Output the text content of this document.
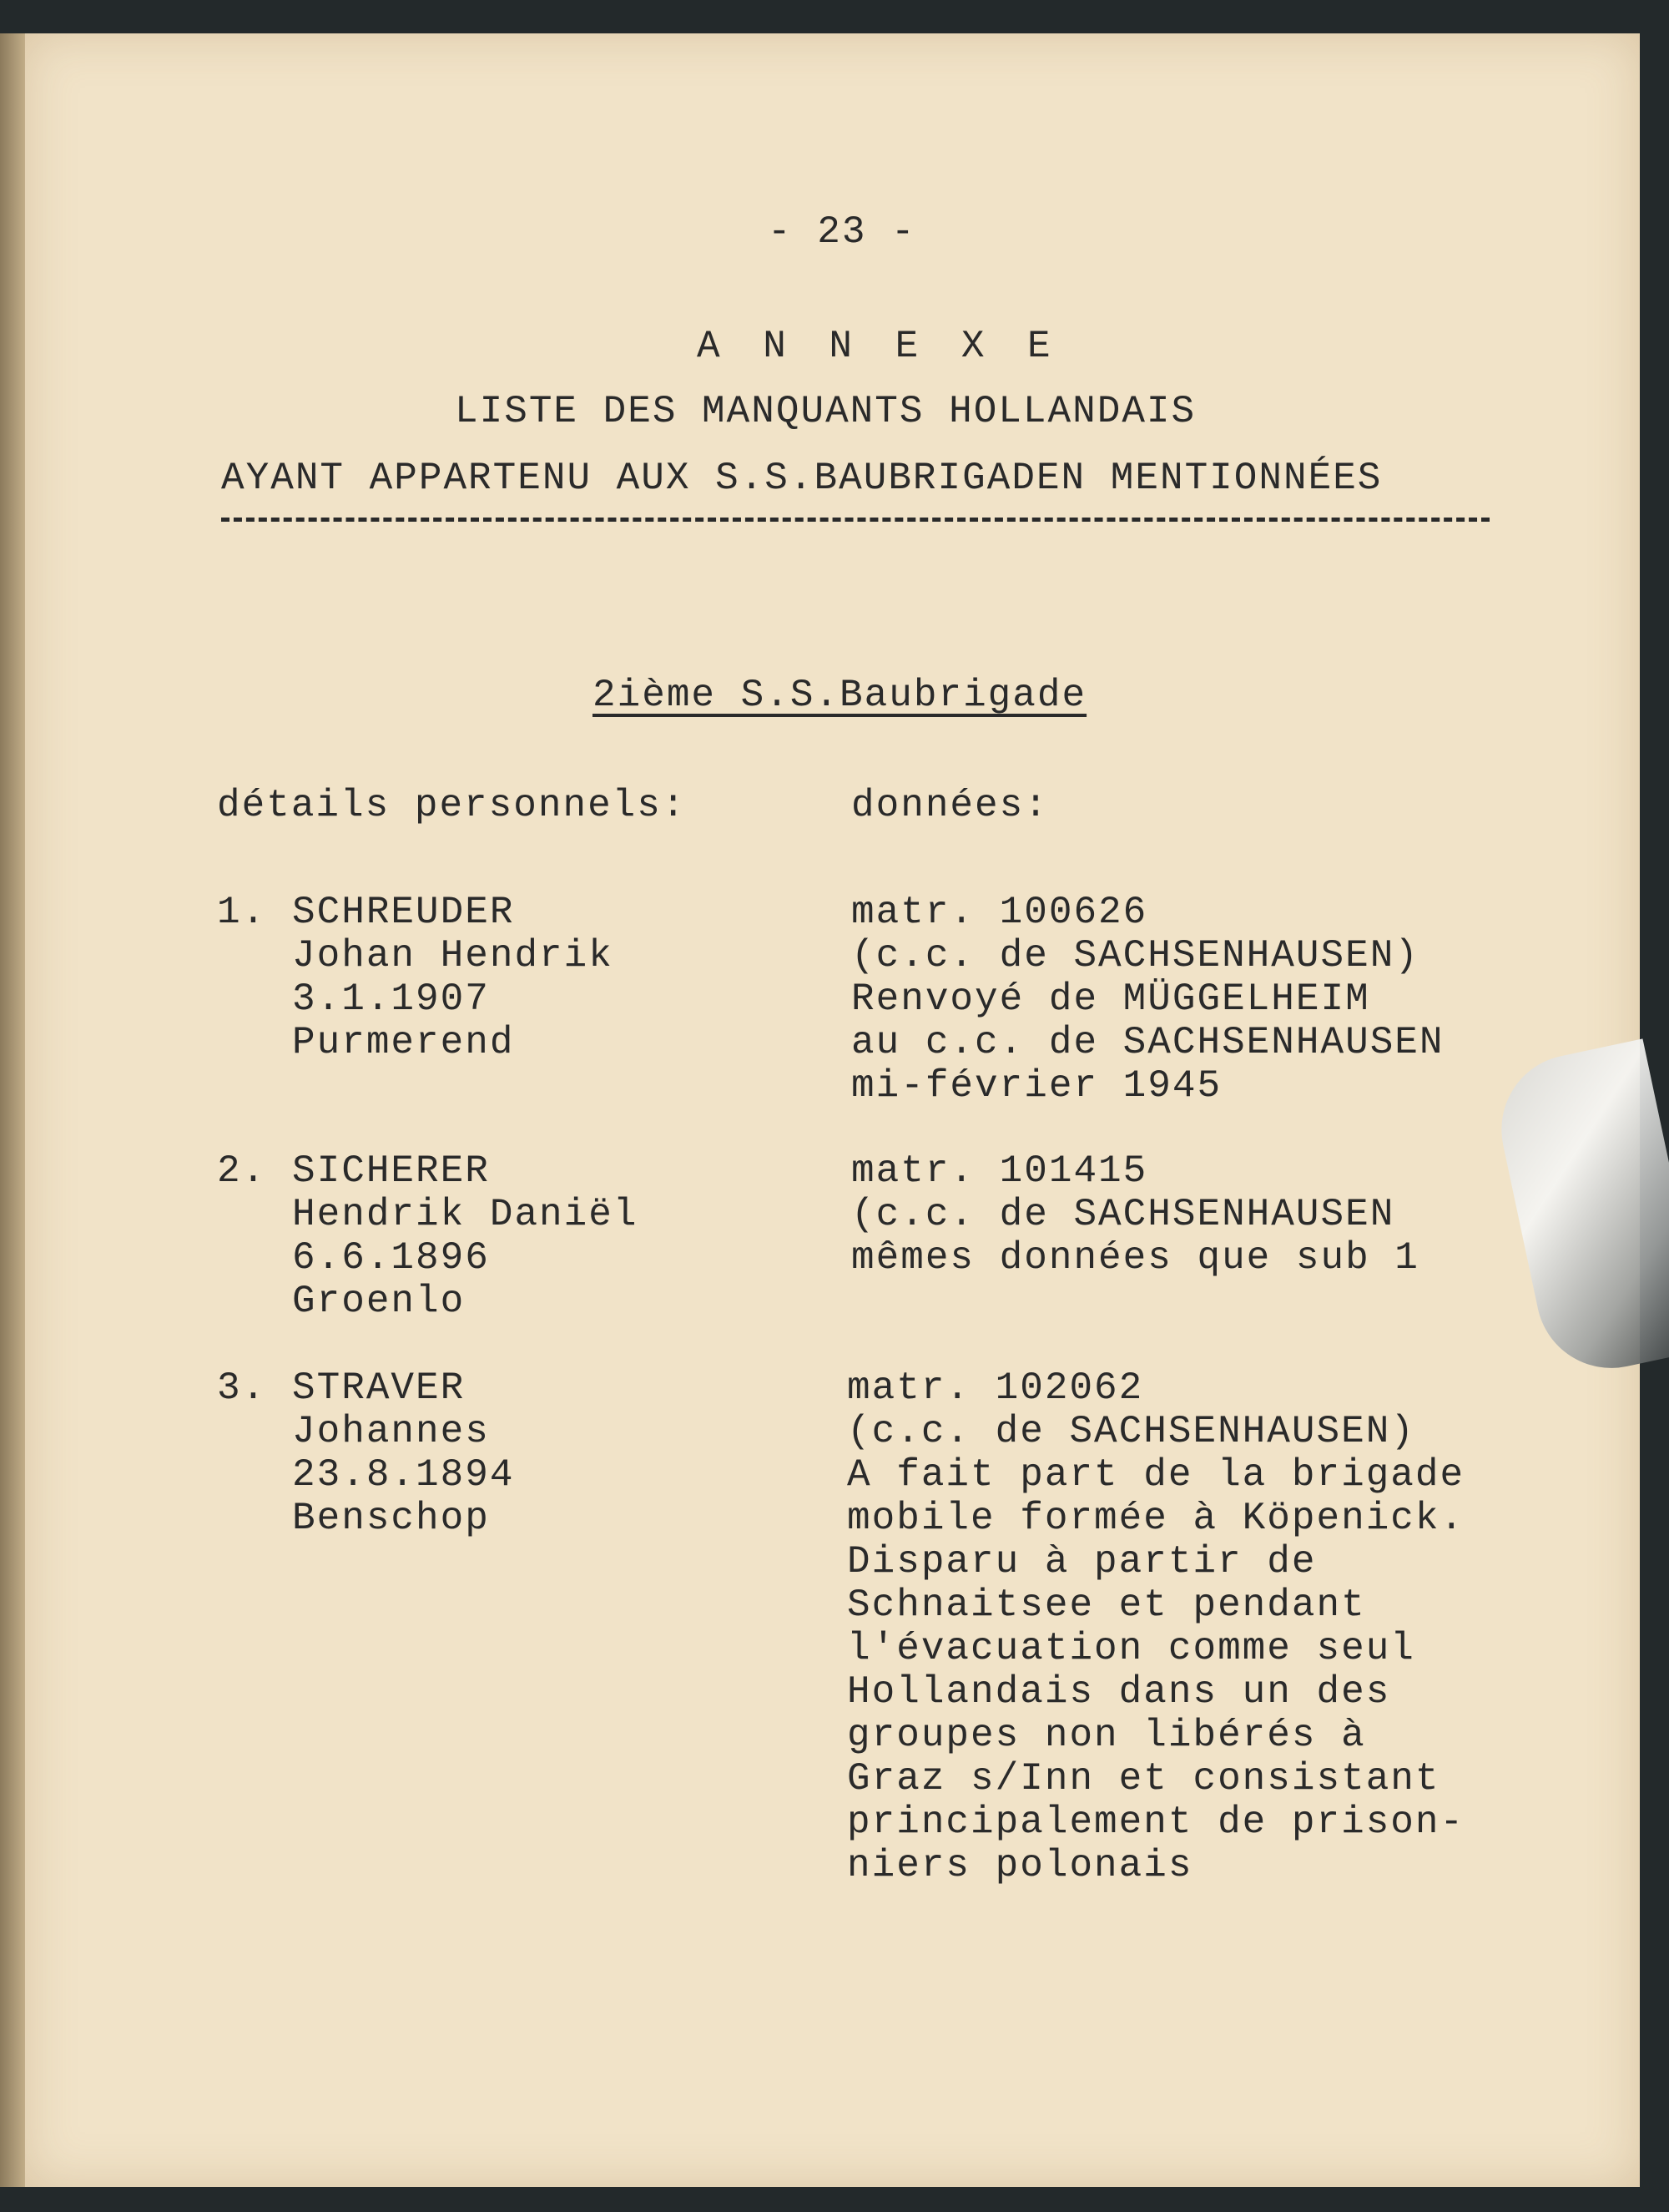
- 23 -
A N N E X E
LISTE DES MANQUANTS HOLLANDAIS
AYANT APPARTENU AUX S.S.BAUBRIGADEN MENTIONNÉES
2ième S.S.Baubrigade
détails personnels:	données:
1. SCHREUDER
Johan Hendrik
3.1.1907
Purmerend
matr. 100626
(c.c. de SACHSENHAUSEN)
Renvoyé de MÜGGELHEIM
au c.c. de SACHSENHAUSEN
mi-février 1945
2. SICHERER
Hendrik Daniël
6.6.1896
Groenlo
matr. 101415
(c.c. de SACHSENHAUSEN
mêmes données que sub 1
3. STRAVER
Johannes
23.8.1894
Benschop
matr. 102062
(c.c. de SACHSENHAUSEN)
A fait part de la brigade
mobile formée à Köpenick.
Disparu à partir de
Schnaitsee et pendant
l'évacuation comme seul
Hollandais dans un des
groupes non libérés à
Graz s/Inn et consistant
principalement de prison-
niers polonais
